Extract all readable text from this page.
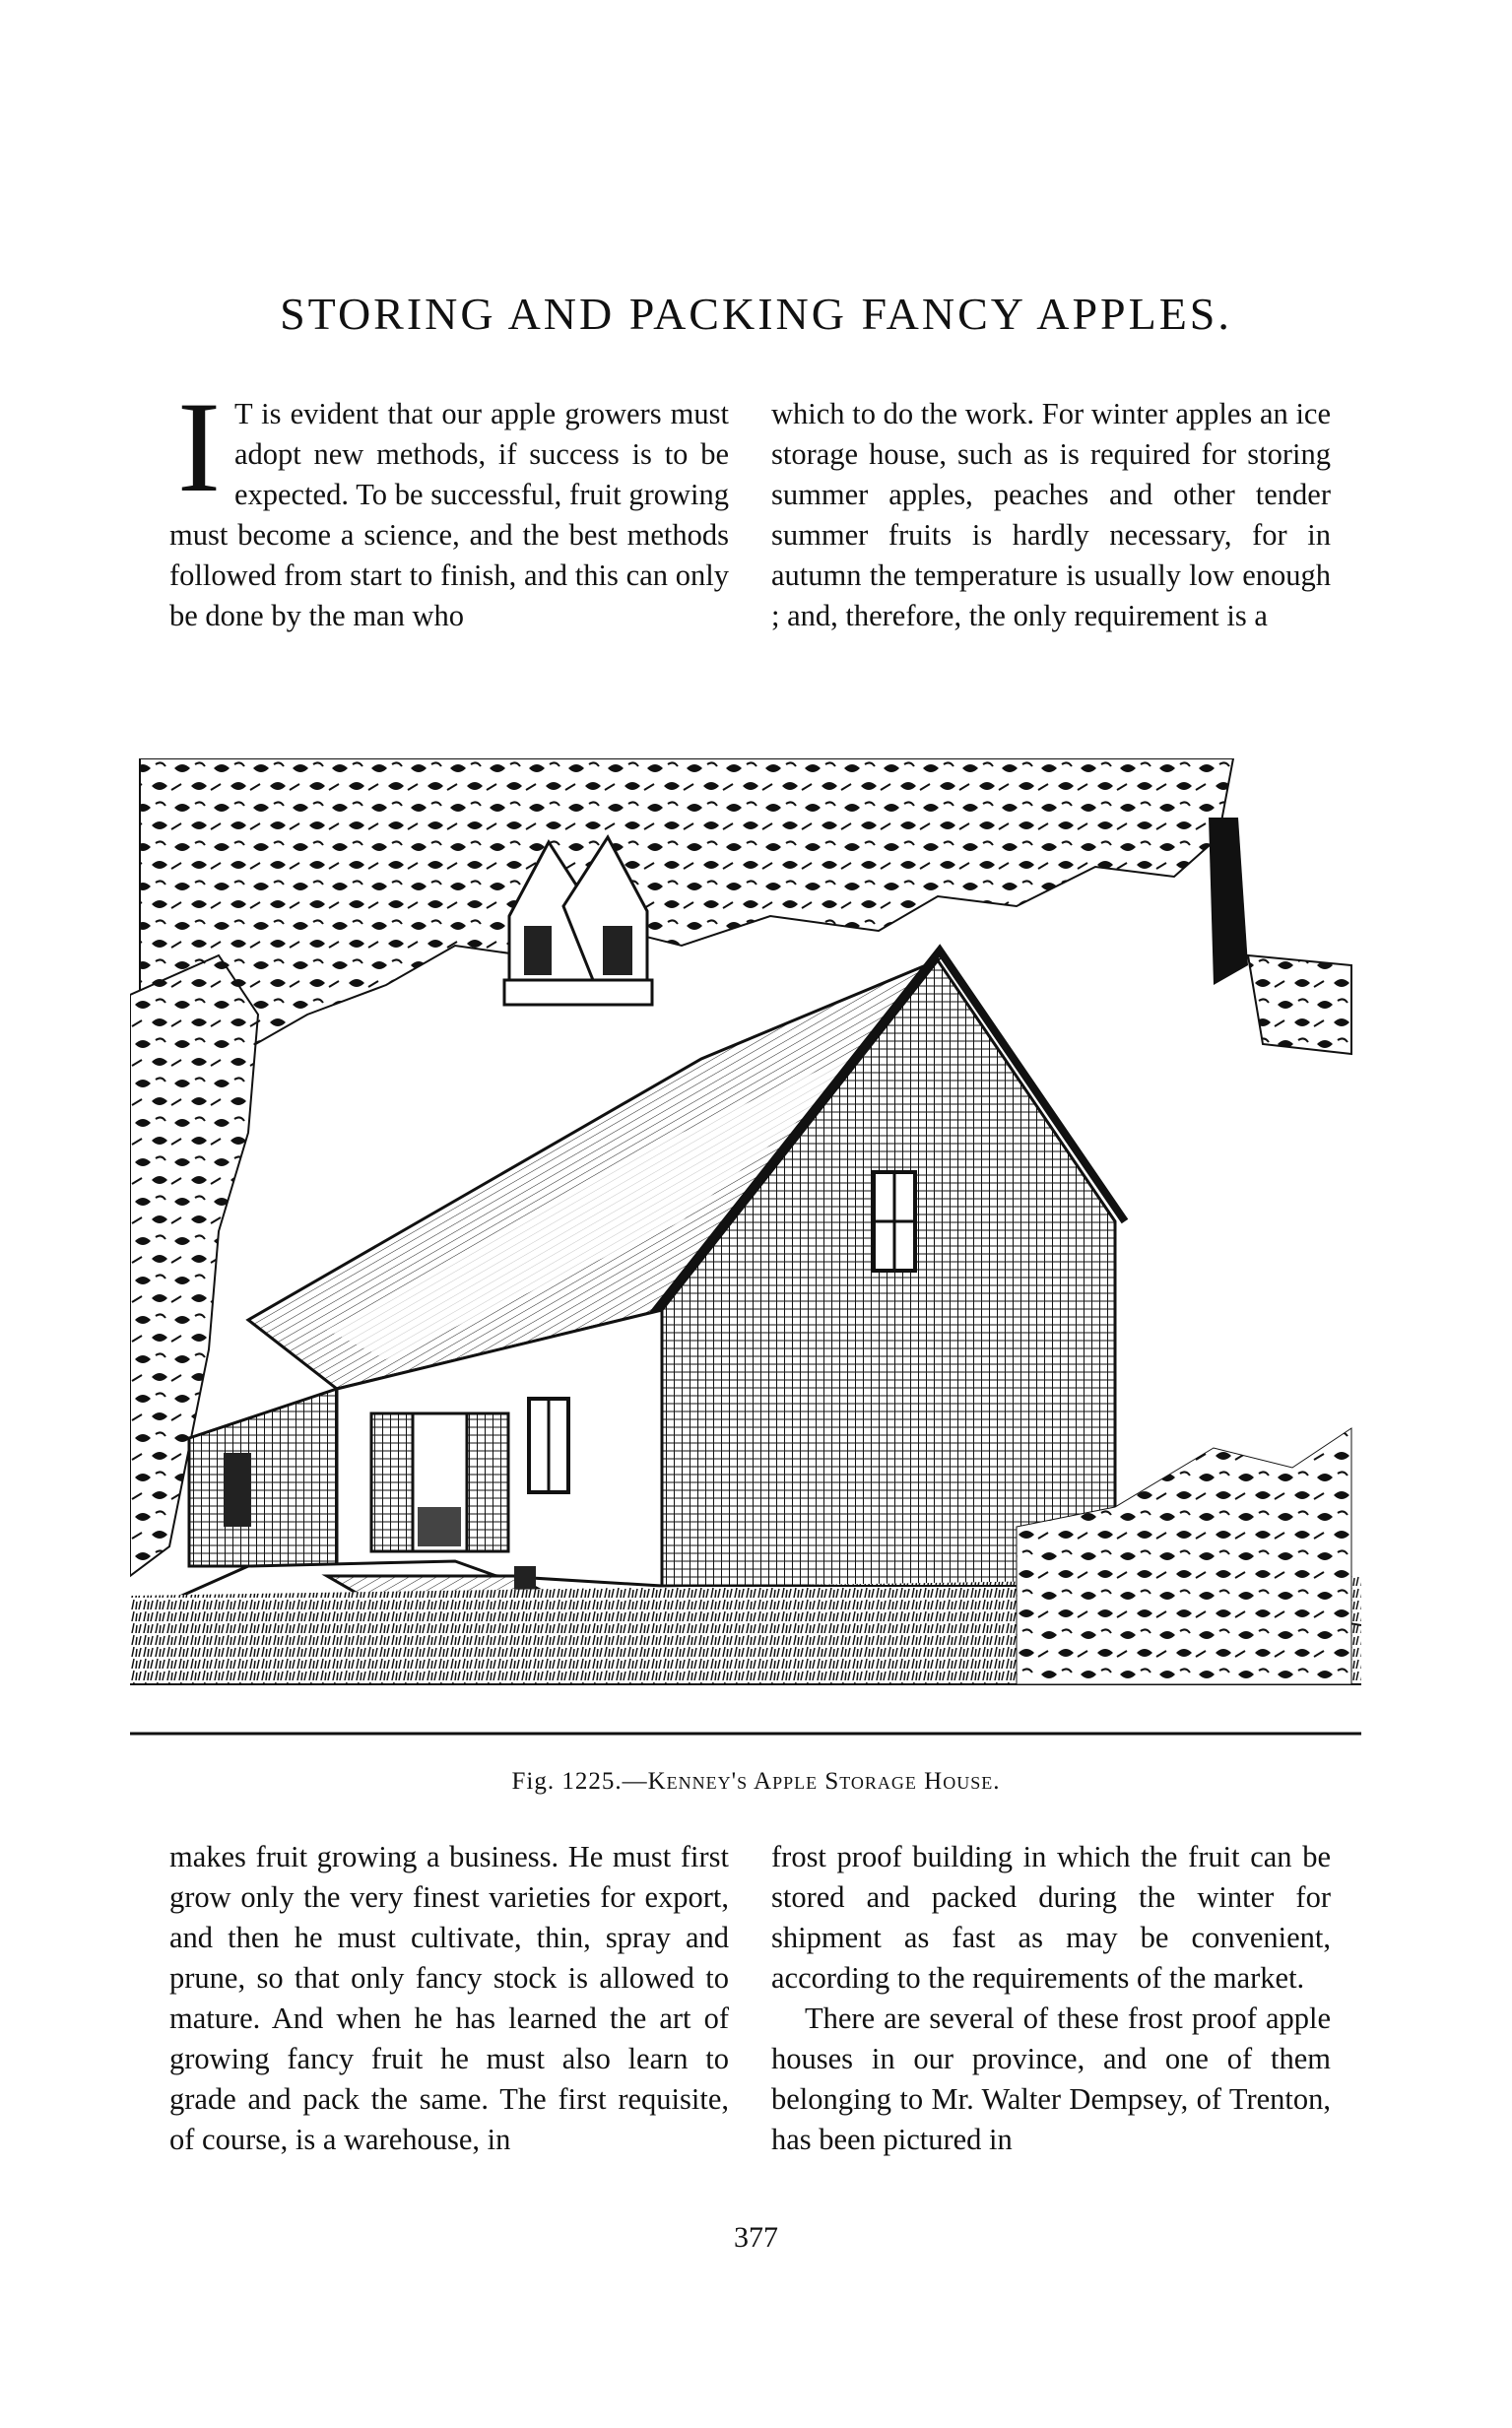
STORING AND PACKING FANCY APPLES.
I T is evident that our apple growers must adopt new methods, if success is to be expected. To be successful, fruit growing must become a science, and the best methods followed from start to finish, and this can only be done by the man who

which to do the work. For winter apples an ice storage house, such as is required for storing summer apples, peaches and other tender summer fruits is hardly necessary, for in autumn the temperature is usually low enough ; and, therefore, the only requirement is a

Fig. 1225.—Kenney's Apple Storage House.

makes fruit growing a business. He must first grow only the very finest varieties for export, and then he must cultivate, thin, spray and prune, so that only fancy stock is allowed to mature. And when he has learned the art of growing fancy fruit he must also learn to grade and pack the same. The first requisite, of course, is a warehouse, in

frost proof building in which the fruit can be stored and packed during the winter for shipment as fast as may be convenient, according to the requirements of the market.

There are several of these frost proof apple houses in our province, and one of them belonging to Mr. Walter Dempsey, of Trenton, has been pictured in

377
